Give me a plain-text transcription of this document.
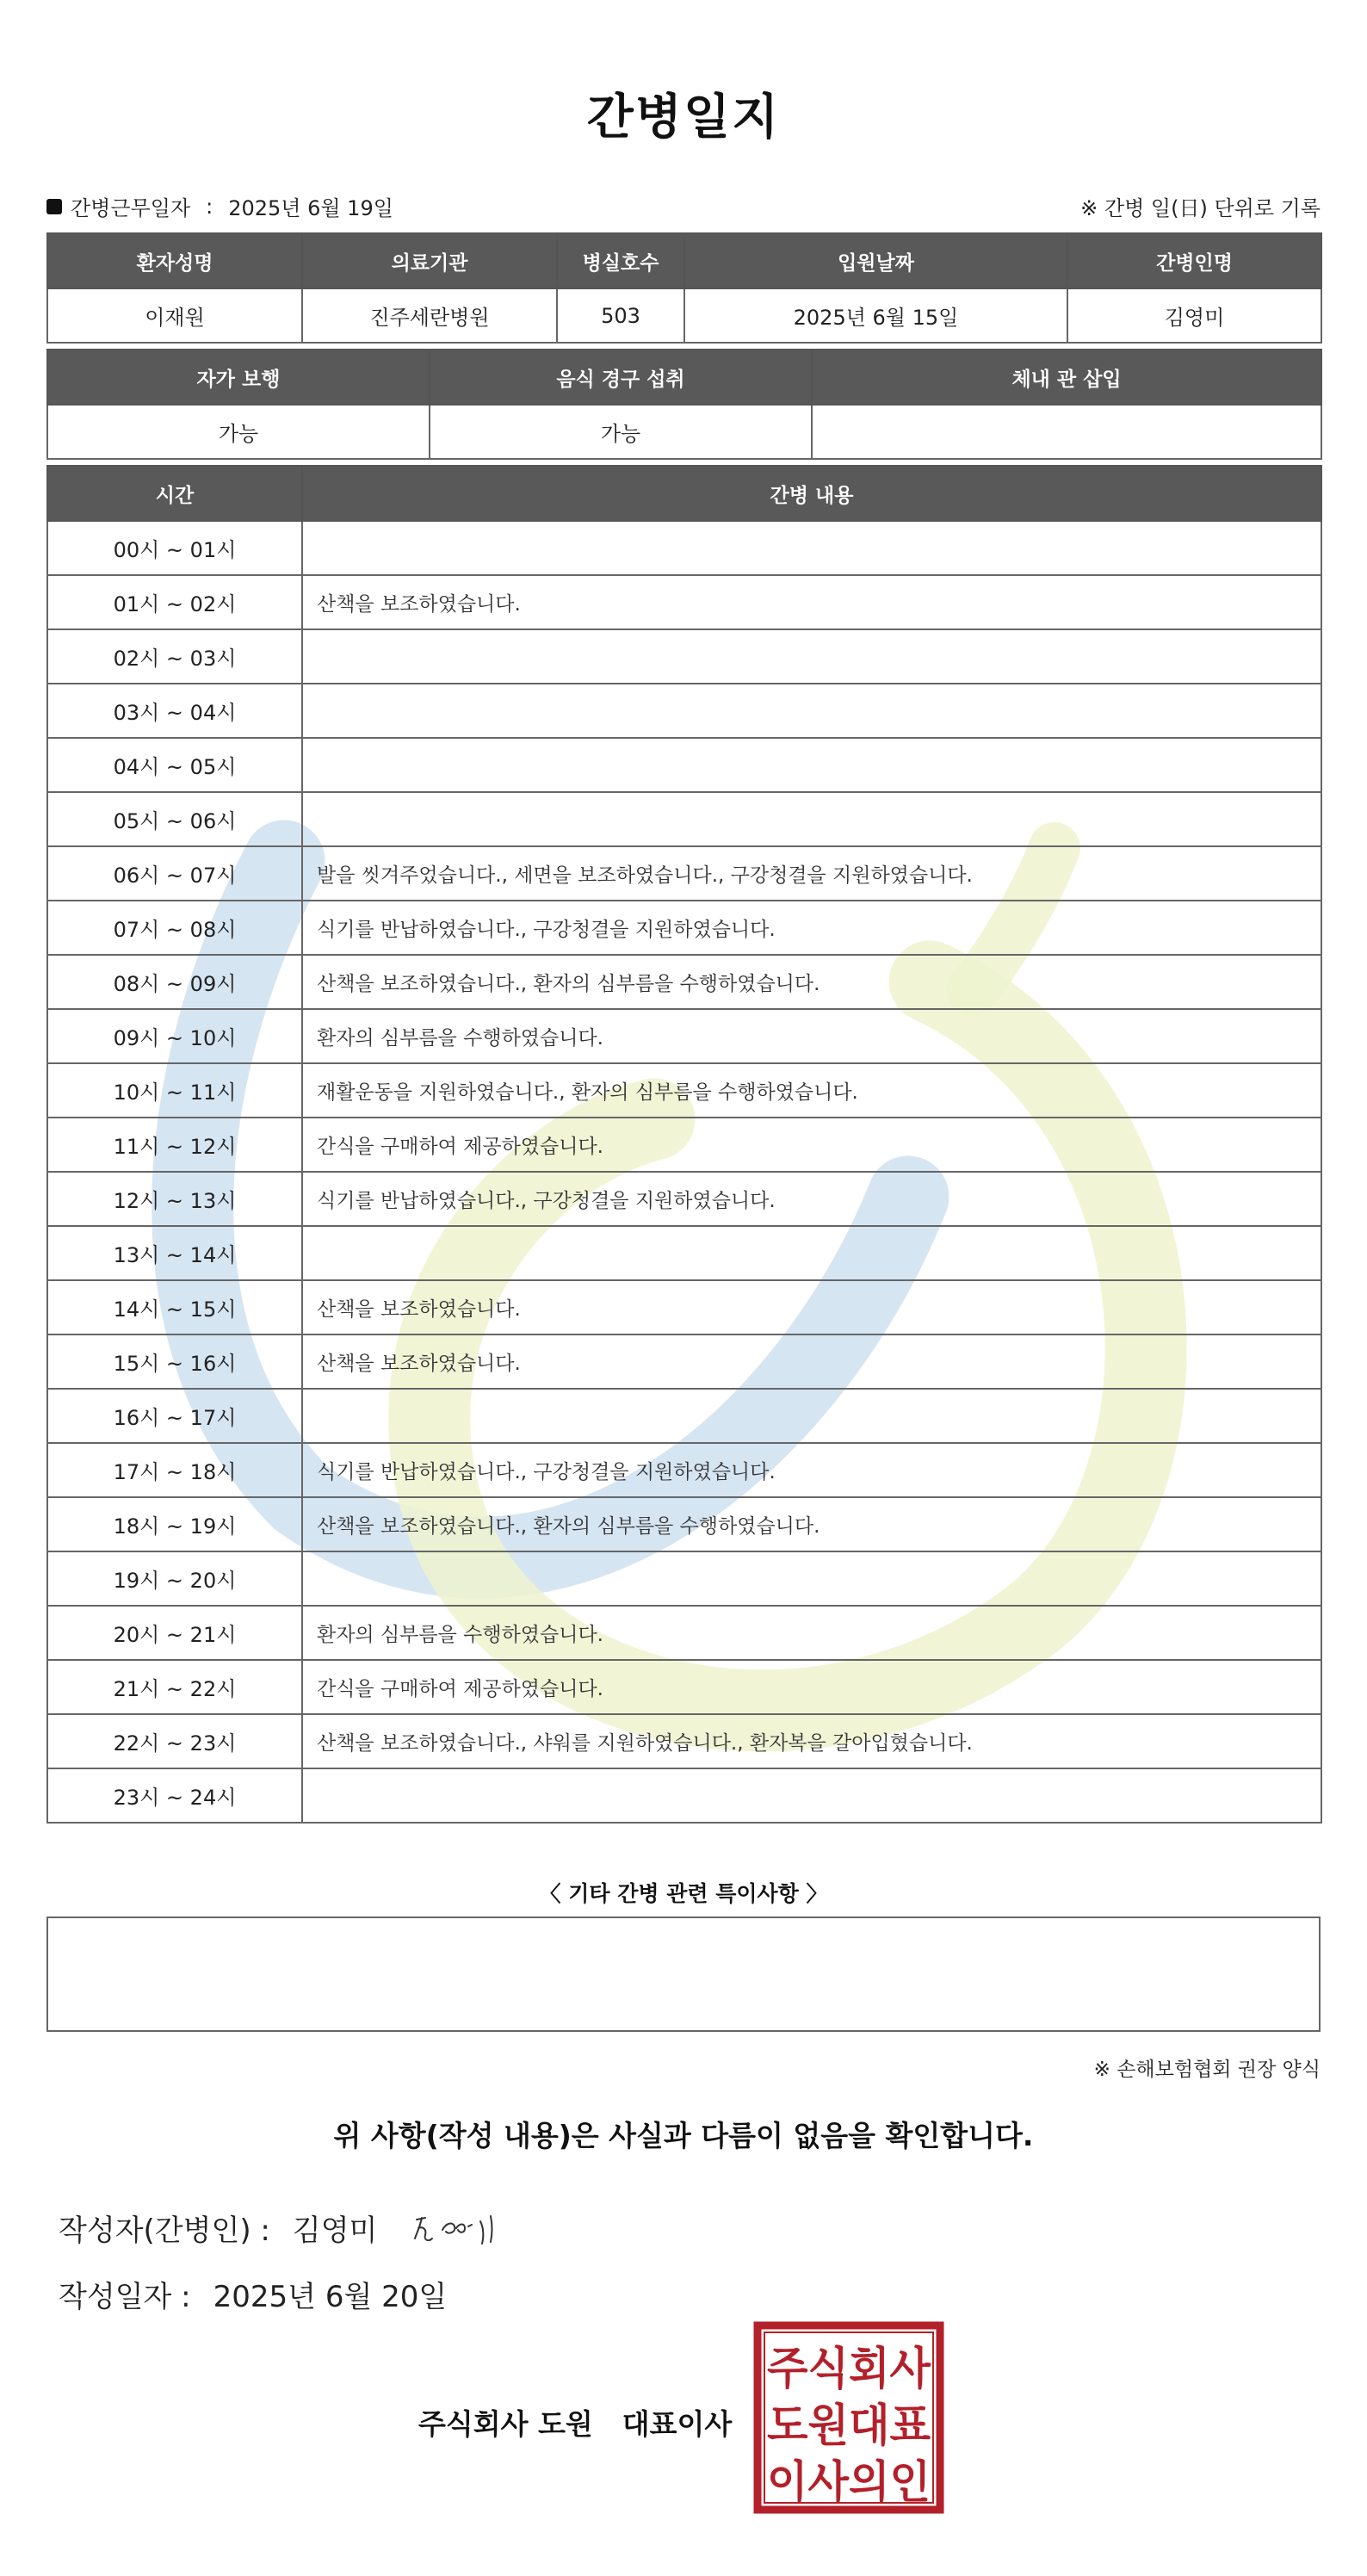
간병일지
간병근무일자 : 2025년 6월 19일	※ 간병 일(日) 단위로 기록
환자성명	의료기관	병실호수	입원날짜	간병인명
이재원	진주세란병원	503	2025년 6월 15일	김영미
자가 보행	음식 경구 섭취	체내 관 삽입
가능	가능	
시간	간병 내용
00시 ~ 01시	
01시 ~ 02시	산책을 보조하였습니다.
02시 ~ 03시	
03시 ~ 04시	
04시 ~ 05시	
05시 ~ 06시	
06시 ~ 07시	발을 씻겨주었습니다., 세면을 보조하였습니다., 구강청결을 지원하였습니다.
07시 ~ 08시	식기를 반납하였습니다., 구강청결을 지원하였습니다.
08시 ~ 09시	산책을 보조하였습니다., 환자의 심부름을 수행하였습니다.
09시 ~ 10시	환자의 심부름을 수행하였습니다.
10시 ~ 11시	재활운동을 지원하였습니다., 환자의 심부름을 수행하였습니다.
11시 ~ 12시	간식을 구매하여 제공하였습니다.
12시 ~ 13시	식기를 반납하였습니다., 구강청결을 지원하였습니다.
13시 ~ 14시	
14시 ~ 15시	산책을 보조하였습니다.
15시 ~ 16시	산책을 보조하였습니다.
16시 ~ 17시	
17시 ~ 18시	식기를 반납하였습니다., 구강청결을 지원하였습니다.
18시 ~ 19시	산책을 보조하였습니다., 환자의 심부름을 수행하였습니다.
19시 ~ 20시	
20시 ~ 21시	환자의 심부름을 수행하였습니다.
21시 ~ 22시	간식을 구매하여 제공하였습니다.
22시 ~ 23시	산책을 보조하였습니다., 샤워를 지원하였습니다., 환자복을 갈아입혔습니다.
23시 ~ 24시	
〈 기타 간병 관련 특이사항 〉
※ 손해보험협회 권장 양식
위 사항(작성 내용)은 사실과 다름이 없음을 확인합니다.
작성자(간병인) : 김영미
작성일자 : 2025년 6월 20일
주식회사 도원 대표이사
주식회사
도원대표
이사의인
